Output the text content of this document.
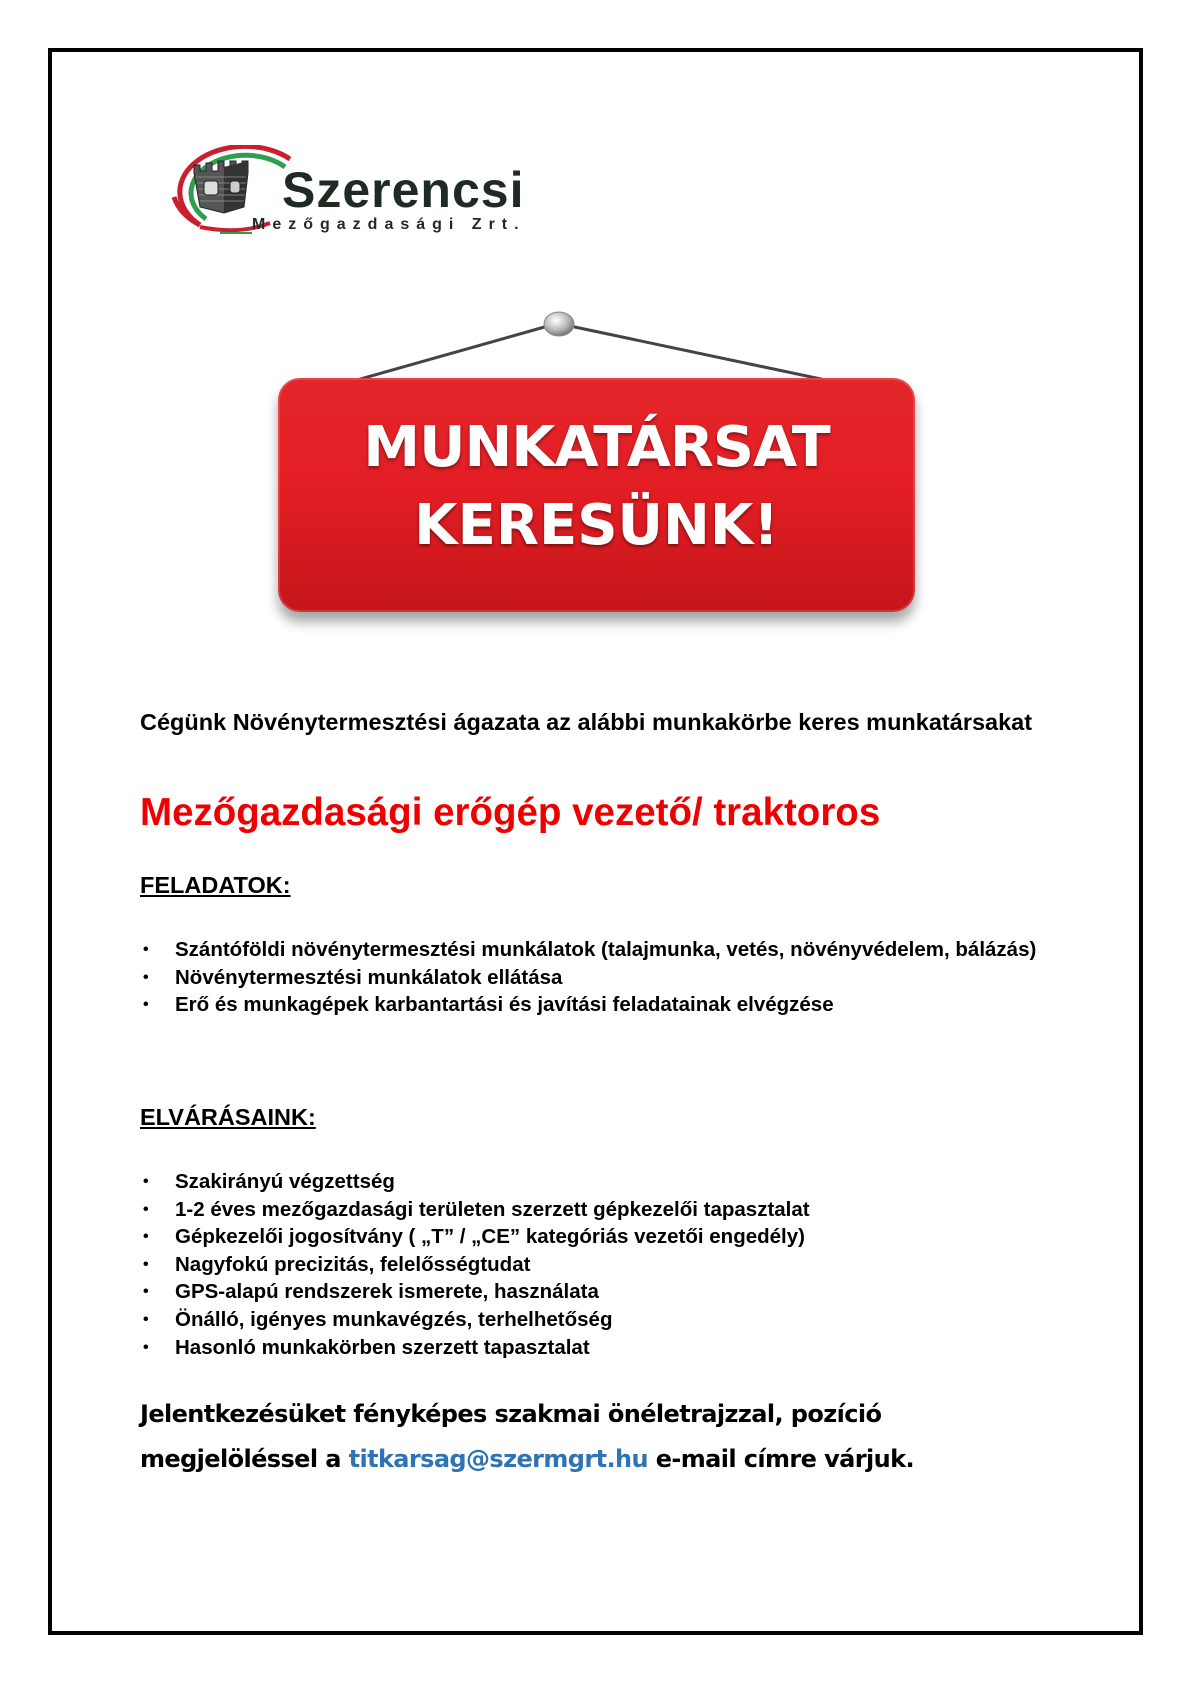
Szerencsi
Mezőgazdasági Zrt.
MUNKATÁRSAT
KERESÜNK!
Cégünk Növénytermesztési ágazata az alábbi munkakörbe keres munkatársakat
Mezőgazdasági erőgép vezető/ traktoros
FELADATOK:
• Szántóföldi növénytermesztési munkálatok (talajmunka, vetés, növényvédelem, bálázás)
• Növénytermesztési munkálatok ellátása
• Erő és munkagépek karbantartási és javítási feladatainak elvégzése
ELVÁRÁSAINK:
• Szakirányú végzettség
• 1-2 éves mezőgazdasági területen szerzett gépkezelői tapasztalat
• Gépkezelői jogosítvány ( „T” / „CE” kategóriás vezetői engedély)
• Nagyfokú precizitás, felelősségtudat
• GPS-alapú rendszerek ismerete, használata
• Önálló, igényes munkavégzés, terhelhetőség
• Hasonló munkakörben szerzett tapasztalat
Jelentkezésüket fényképes szakmai önéletrajzzal, pozíció
megjelöléssel a titkarsag@szermgrt.hu e-mail címre várjuk.
